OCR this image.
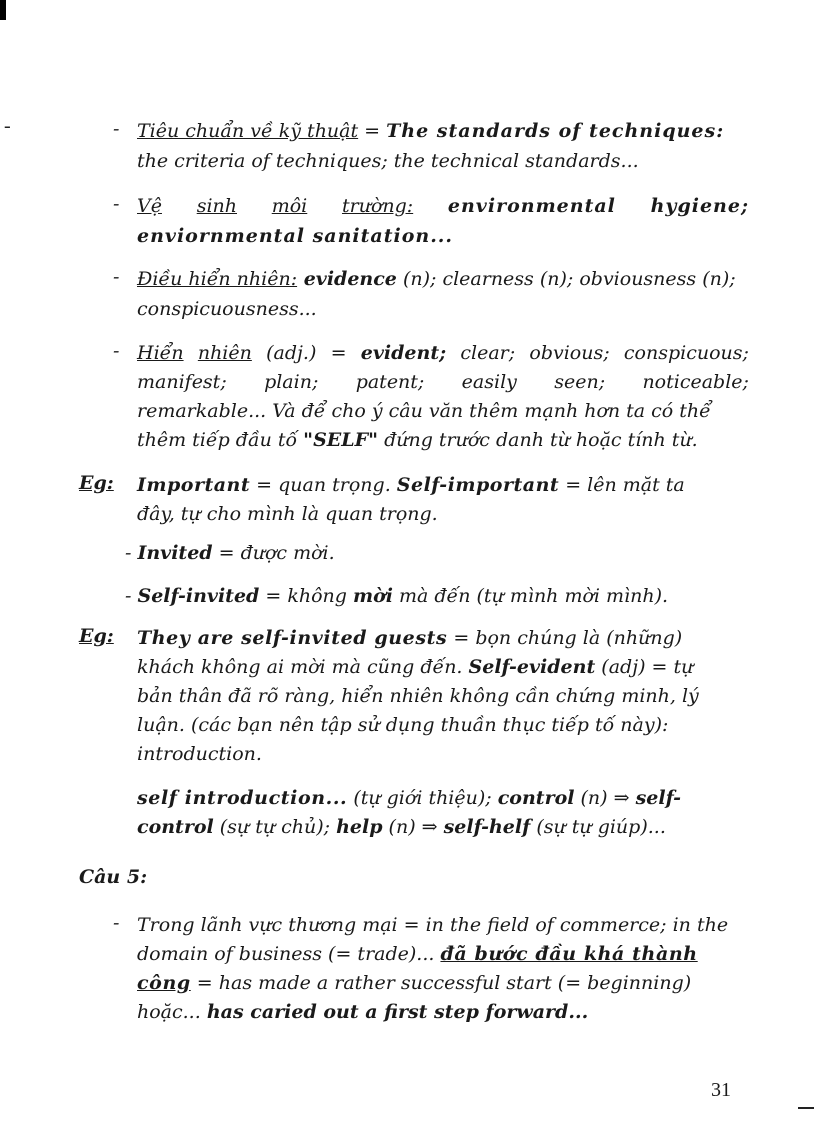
-	- Tiêu chuẩn về kỹ thuật = The standards of techniques:
the criteria of techniques; the technical standards...
- Vệ sinh môi trường: environmental hygiene;
enviornmental sanitation...
- Điều hiển nhiên: evidence (n); clearness (n); obviousness (n);
conspicuousness...
- Hiển nhiên (adj.) = evident; clear; obvious; conspicuous;
manifest; plain; patent; easily seen; noticeable;
remarkable... Và để cho ý câu văn thêm mạnh hơn ta có thể
thêm tiếp đầu tố "SELF" đứng trước danh từ hoặc tính từ.
Eg: Important = quan trọng. Self-important = lên mặt ta
đây, tự cho mình là quan trọng.
- Invited = được mời.
- Self-invited = không mời mà đến (tự mình mời mình).
Eg: They are self-invited guests = bọn chúng là (những)
khách không ai mời mà cũng đến. Self-evident (adj) = tự
bản thân đã rõ ràng, hiển nhiên không cần chứng minh, lý
luận. (các bạn nên tập sử dụng thuần thục tiếp tố này):
introduction.
self introduction... (tự giới thiệu); control (n) ⇒ self-
control (sự tự chủ); help (n) ⇒ self-helf (sự tự giúp)...
Câu 5:
- Trong lãnh vực thương mại = in the field of commerce; in the
domain of business (= trade)... đã bước đầu khá thành
công = has made a rather successful start (= beginning)
hoặc... has caried out a first step forward...
31
